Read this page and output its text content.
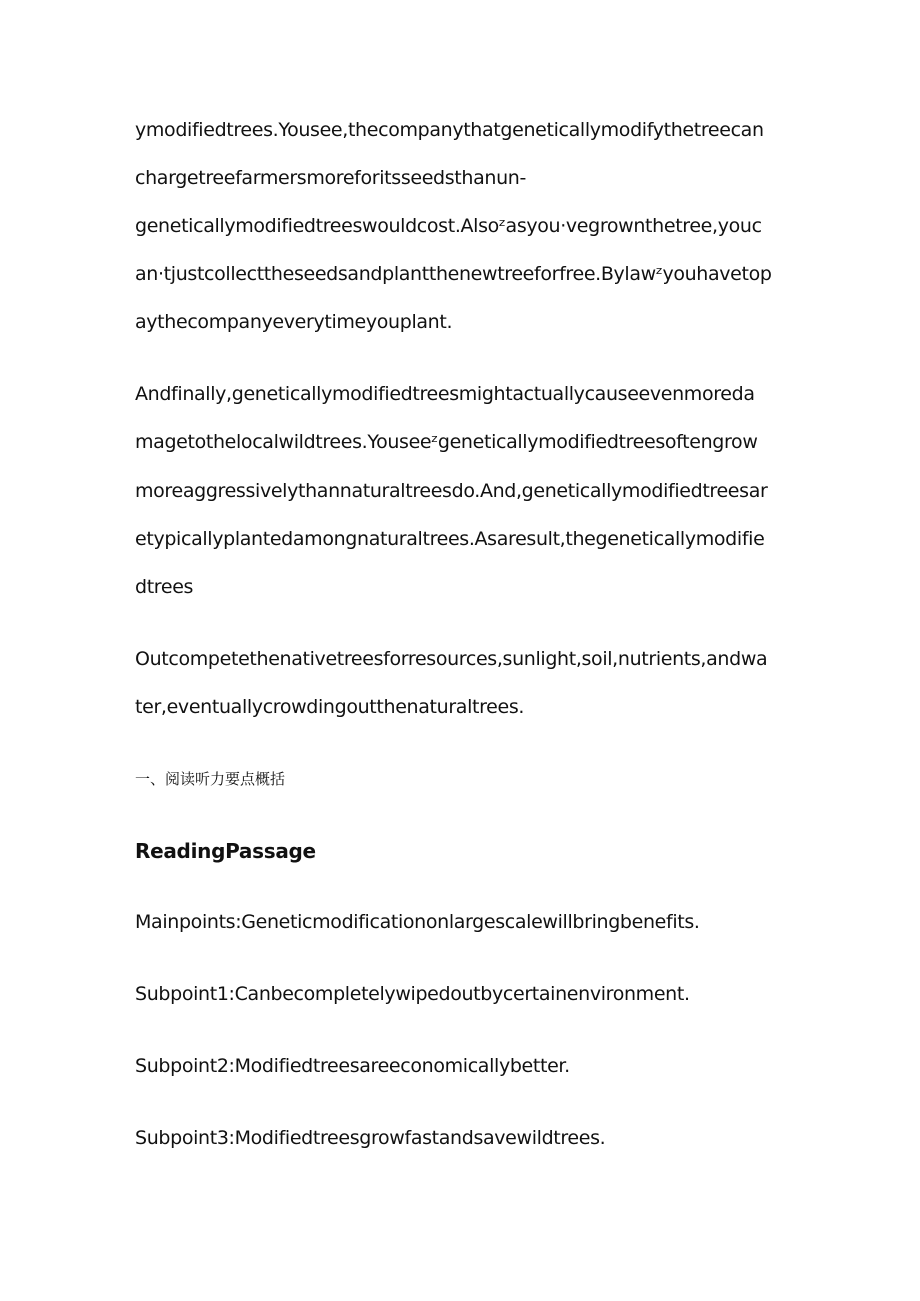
ymodifiedtrees.Yousee,thecompanythatgeneticallymodifythetreecan
chargetreefarmersmoreforitsseedsthanun-
geneticallymodifiedtreeswouldcost.Alsoᶻasyou·vegrownthetree,youc
an·tjustcollecttheseedsandplantthenewtreeforfree.Bylawᶻyouhavetop
aythecompanyeverytimeyouplant.
Andfinally,geneticallymodifiedtreesmightactuallycauseevenmoreda
magetothelocalwildtrees.Youseeᶻgeneticallymodifiedtreesoftengrow
moreaggressivelythannaturaltreesdo.And,geneticallymodifiedtreesar
etypicallyplantedamongnaturaltrees.Asaresult,thegeneticallymodifie
dtrees
Outcompetethenativetreesforresources,sunlight,soil,nutrients,andwa
ter,eventuallycrowdingoutthenaturaltrees.
一、阅读听力要点概括
ReadingPassage
Mainpoints:Geneticmodificationonlargescalewillbringbenefits.
Subpoint1:Canbecompletelywipedoutbycertainenvironment.
Subpoint2:Modifiedtreesareeconomicallybetter.
Subpoint3:Modifiedtreesgrowfastandsavewildtrees.
